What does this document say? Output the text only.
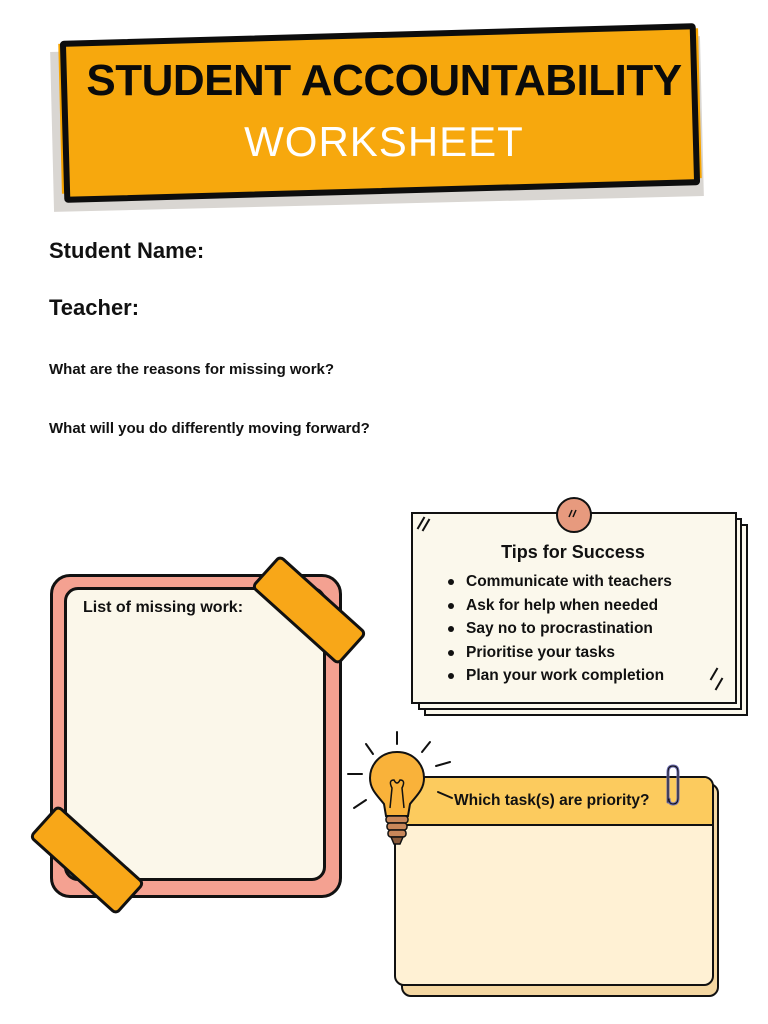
STUDENT ACCOUNTABILITY
WORKSHEET
Student Name:
Teacher:
What are the reasons for missing work?
What will you do differently moving forward?
List of missing work:
Tips for Success
Communicate with teachers
Ask for help when needed
Say no to procrastination
Prioritise your tasks
Plan your work completion
Which task(s) are priority?
